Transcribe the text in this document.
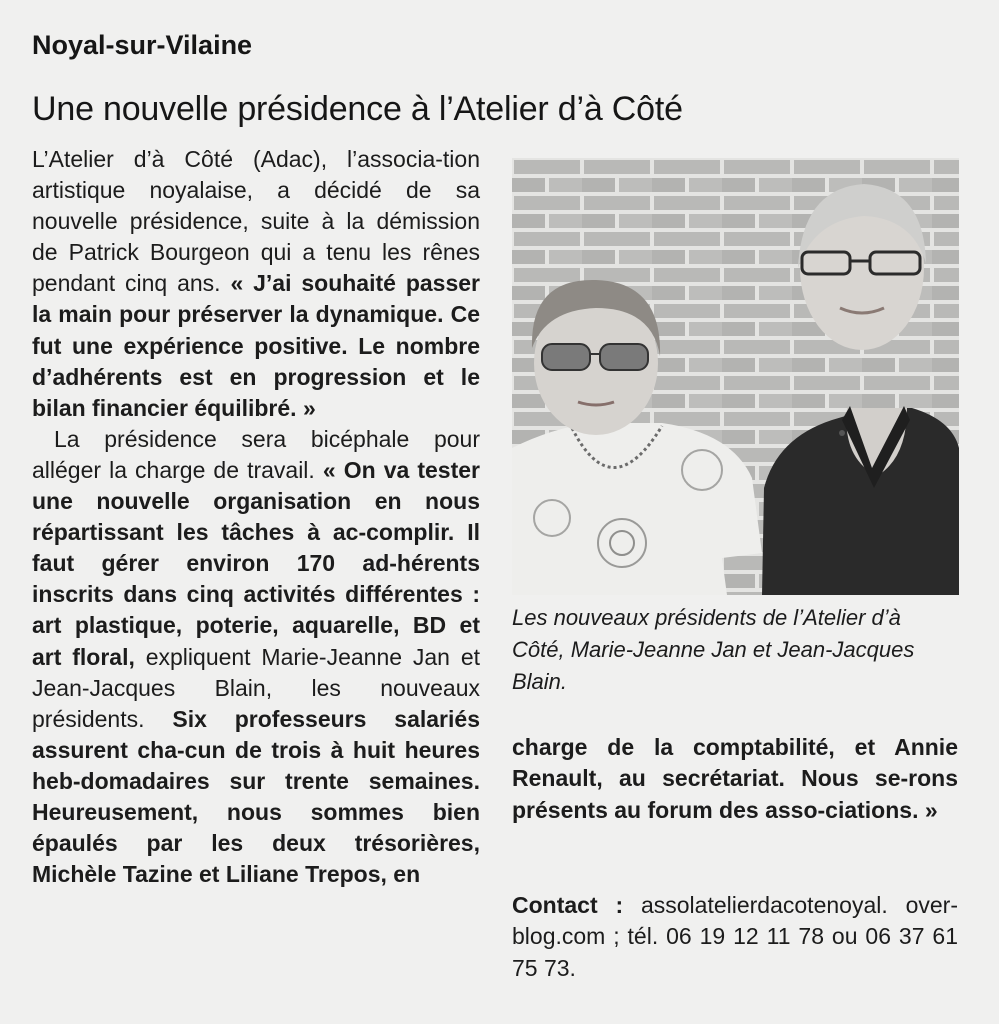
Noyal-sur-Vilaine
Une nouvelle présidence à l’Atelier d’à Côté

L’Atelier d’à Côté (Adac), l’associa-tion artistique noyalaise, a décidé de sa nouvelle présidence, suite à la démission de Patrick Bourgeon qui a tenu les rênes pendant cinq ans. « J’ai souhaité passer la main pour préserver la dynamique. Ce fut une expérience positive. Le nombre d’adhérents est en progression et le bilan financier équilibré. »

La présidence sera bicéphale pour alléger la charge de travail. « On va tester une nouvelle organisation en nous répartissant les tâches à ac-complir. Il faut gérer environ 170 ad-hérents inscrits dans cinq activités différentes : art plastique, poterie, aquarelle, BD et art floral, expliquent Marie-Jeanne Jan et Jean-Jacques Blain, les nouveaux présidents. Six professeurs salariés assurent cha-cun de trois à huit heures heb-domadaires sur trente semaines. Heureusement, nous sommes bien épaulés par les deux trésorières, Michèle Tazine et Liliane Trepos, en

Les nouveaux présidents de l’Atelier d’à Côté, Marie-Jeanne Jan et Jean-Jacques Blain.

charge de la comptabilité, et Annie Renault, au secrétariat. Nous se-rons présents au forum des asso-ciations. »

Contact : assolatelierdacotenoyal. over-blog.com ; tél. 06 19 12 11 78 ou 06 37 61 75 73.
